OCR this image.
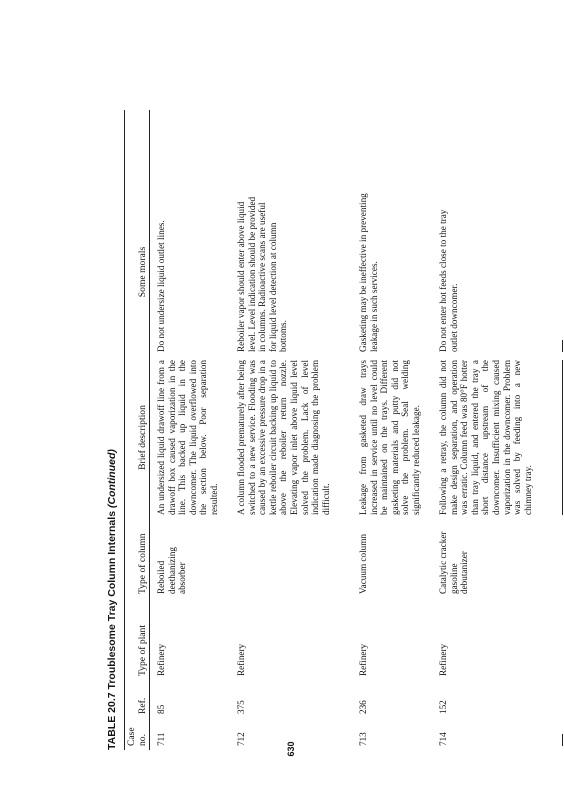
TABLE 20.7 Troublesome Tray Column Internals (Continued)
Case no.
Ref.
Type of plant
Type of column
Brief description
Some morals
711
85
Refinery
Reboiled deethanizing absorber
An undersized liquid drawoff line from a drawoff box caused vaporization in the line. This backed up liquid in the downcomer. The liquid overflowed into the section below. Poor separation resulted.
Do not undersize liquid outlet lines.
712
375
Refinery
A column flooded prematurely after being switched to a new service. Flooding was caused by an excessive pressure drop in a kettle reboiler circuit backing up liquid to above the reboiler return nozzle. Elevating vapor inlet above liquid level solved the problem. Lack of level indication made diagnosing the problem difficult.
Reboiler vapor should enter above liquid level. Level indication should be provided in columns. Radioactive scans are useful for liquid level detection at column bottoms.
713
236
Refinery
Vacuum column
Leakage from gasketed draw trays increased in service until no level could be maintained on the trays. Different gasketing materials and putty did not solve the problem. Seal welding significantly reduced leakage.
Gasketing may be ineffective in preventing leakage in such services.
714
152
Refinery
Catalytic cracker gasoline debutanizer
Following a retray, the column did not make design separation, and operation was erratic. Column feed was 80°F hotter than tray liquid, and entered the tray a short distance upstream of the downcomer. Insufficient mixing caused vaporization in the downcomer. Problem was solved by feeding into a new chimney tray.
Do not enter hot feeds close to the tray outlet downcomer.
630
